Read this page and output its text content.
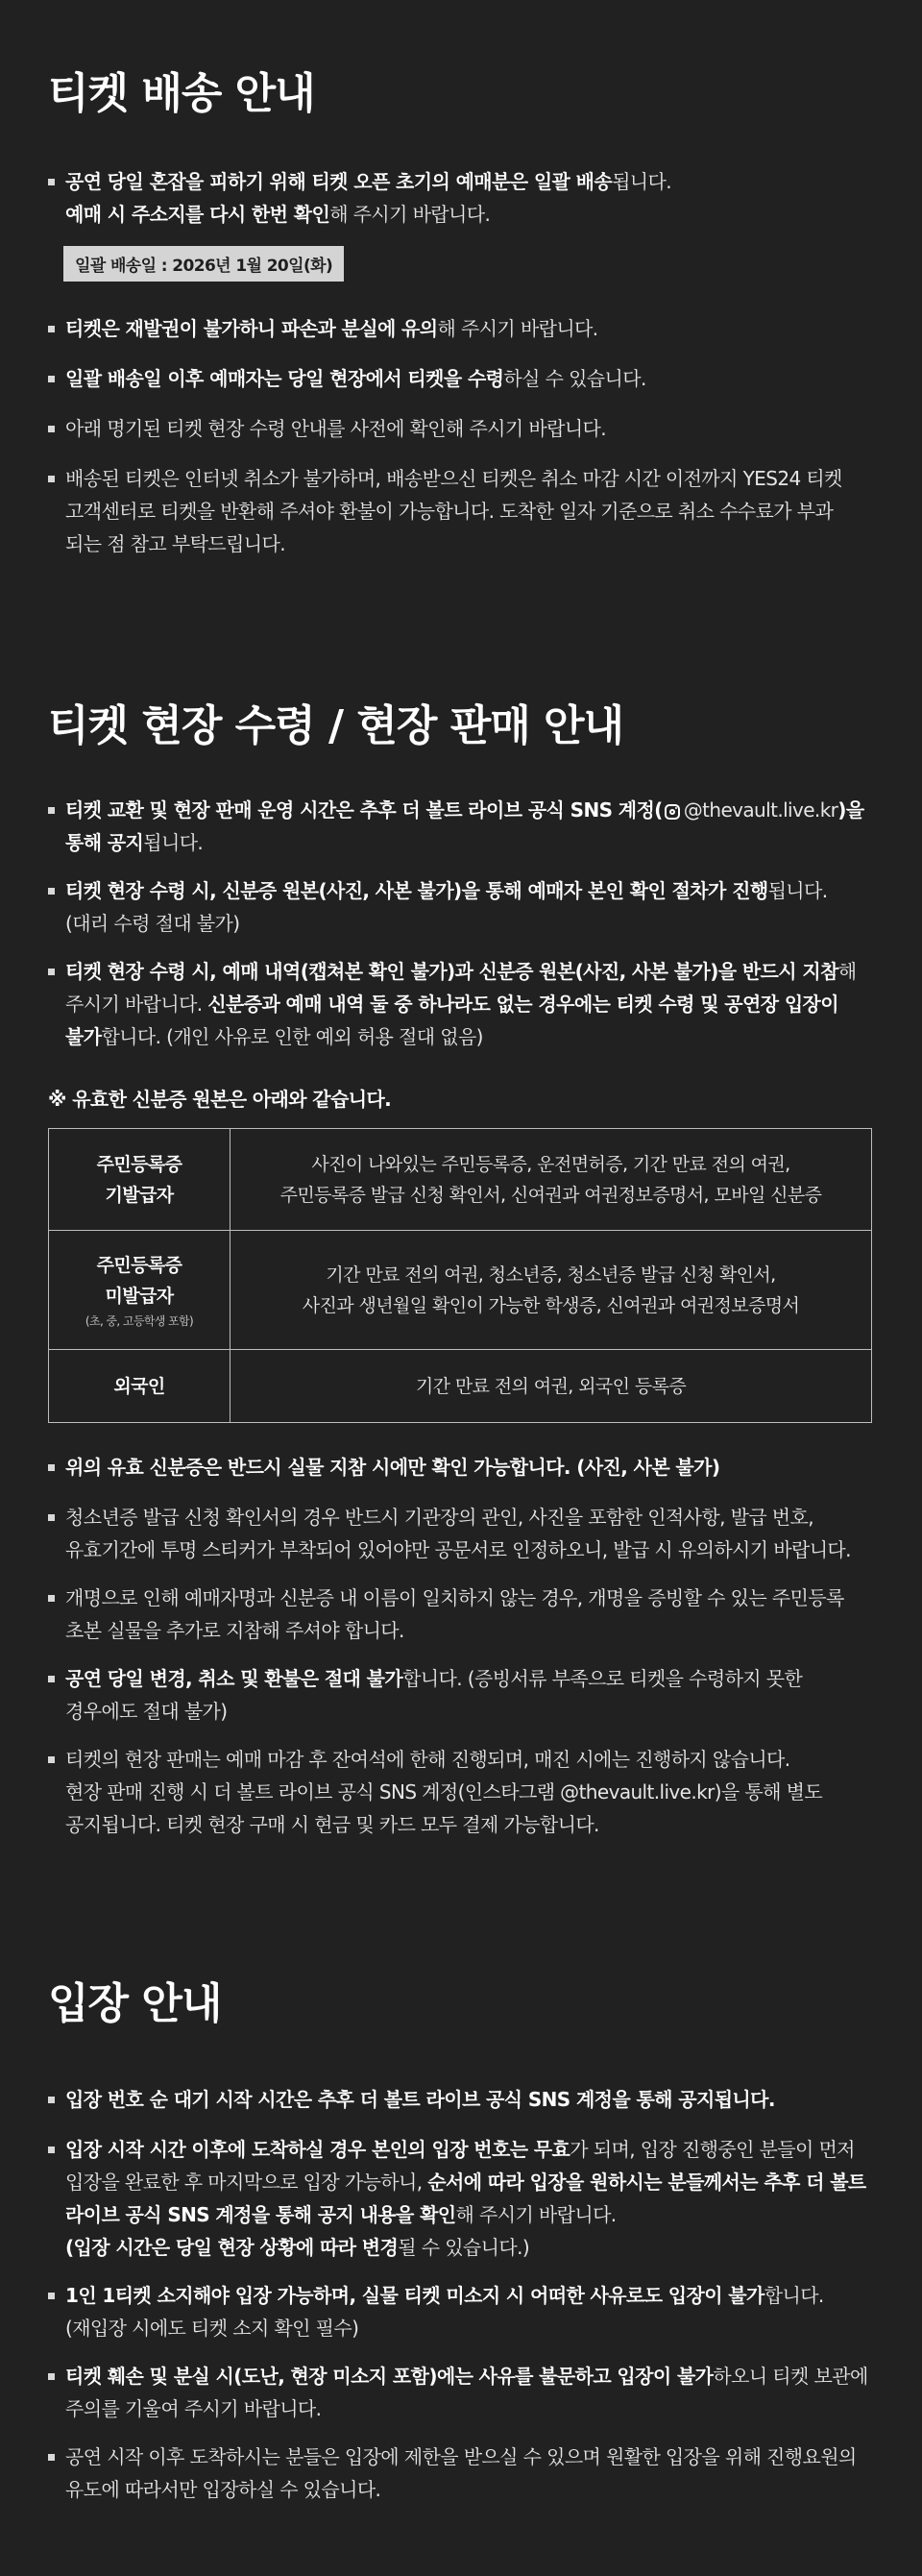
티켓 배송 안내

공연 당일 혼잡을 피하기 위해 티켓 오픈 초기의 예매분은 일괄 배송됩니다.
예매 시 주소지를 다시 한번 확인해 주시기 바랍니다.

일괄 배송일 : 2026년 1월 20일(화)

티켓은 재발권이 불가하니 파손과 분실에 유의해 주시기 바랍니다.

일괄 배송일 이후 예매자는 당일 현장에서 티켓을 수령하실 수 있습니다.

아래 명기된 티켓 현장 수령 안내를 사전에 확인해 주시기 바랍니다.

배송된 티켓은 인터넷 취소가 불가하며, 배송받으신 티켓은 취소 마감 시간 이전까지 YES24 티켓
고객센터로 티켓을 반환해 주셔야 환불이 가능합니다. 도착한 일자 기준으로 취소 수수료가 부과
되는 점 참고 부탁드립니다.

티켓 현장 수령 / 현장 판매 안내

티켓 교환 및 현장 판매 운영 시간은 추후 더 볼트 라이브 공식 SNS 계정( @thevault.live.kr)을
통해 공지됩니다.

티켓 현장 수령 시, 신분증 원본(사진, 사본 불가)을 통해 예매자 본인 확인 절차가 진행됩니다.
(대리 수령 절대 불가)

티켓 현장 수령 시, 예매 내역(캡쳐본 확인 불가)과 신분증 원본(사진, 사본 불가)을 반드시 지참해
주시기 바랍니다. 신분증과 예매 내역 둘 중 하나라도 없는 경우에는 티켓 수령 및 공연장 입장이
불가합니다. (개인 사유로 인한 예외 허용 절대 없음)

※ 유효한 신분증 원본은 아래와 같습니다.
주민등록증
기발급자	사진이 나와있는 주민등록증, 운전면허증, 기간 만료 전의 여권,
주민등록증 발급 신청 확인서, 신여권과 여권정보증명서, 모바일 신분증
주민등록증
미발급자
(초, 중, 고등학생 포함)	기간 만료 전의 여권, 청소년증, 청소년증 발급 신청 확인서,
사진과 생년월일 확인이 가능한 학생증, 신여권과 여권정보증명서
외국인	기간 만료 전의 여권, 외국인 등록증

위의 유효 신분증은 반드시 실물 지참 시에만 확인 가능합니다. (사진, 사본 불가)

청소년증 발급 신청 확인서의 경우 반드시 기관장의 관인, 사진을 포함한 인적사항, 발급 번호,
유효기간에 투명 스티커가 부착되어 있어야만 공문서로 인정하오니, 발급 시 유의하시기 바랍니다.

개명으로 인해 예매자명과 신분증 내 이름이 일치하지 않는 경우, 개명을 증빙할 수 있는 주민등록
초본 실물을 추가로 지참해 주셔야 합니다.

공연 당일 변경, 취소 및 환불은 절대 불가합니다. (증빙서류 부족으로 티켓을 수령하지 못한
경우에도 절대 불가)

티켓의 현장 판매는 예매 마감 후 잔여석에 한해 진행되며, 매진 시에는 진행하지 않습니다.
현장 판매 진행 시 더 볼트 라이브 공식 SNS 계정(인스타그램 @thevault.live.kr)을 통해 별도
공지됩니다. 티켓 현장 구매 시 현금 및 카드 모두 결제 가능합니다.

입장 안내

입장 번호 순 대기 시작 시간은 추후 더 볼트 라이브 공식 SNS 계정을 통해 공지됩니다.

입장 시작 시간 이후에 도착하실 경우 본인의 입장 번호는 무효가 되며, 입장 진행중인 분들이 먼저
입장을 완료한 후 마지막으로 입장 가능하니, 순서에 따라 입장을 원하시는 분들께서는 추후 더 볼트
라이브 공식 SNS 계정을 통해 공지 내용을 확인해 주시기 바랍니다.
(입장 시간은 당일 현장 상황에 따라 변경될 수 있습니다.)

1인 1티켓 소지해야 입장 가능하며, 실물 티켓 미소지 시 어떠한 사유로도 입장이 불가합니다.
(재입장 시에도 티켓 소지 확인 필수)

티켓 훼손 및 분실 시(도난, 현장 미소지 포함)에는 사유를 불문하고 입장이 불가하오니 티켓 보관에
주의를 기울여 주시기 바랍니다.

공연 시작 이후 도착하시는 분들은 입장에 제한을 받으실 수 있으며 원활한 입장을 위해 진행요원의
유도에 따라서만 입장하실 수 있습니다.
